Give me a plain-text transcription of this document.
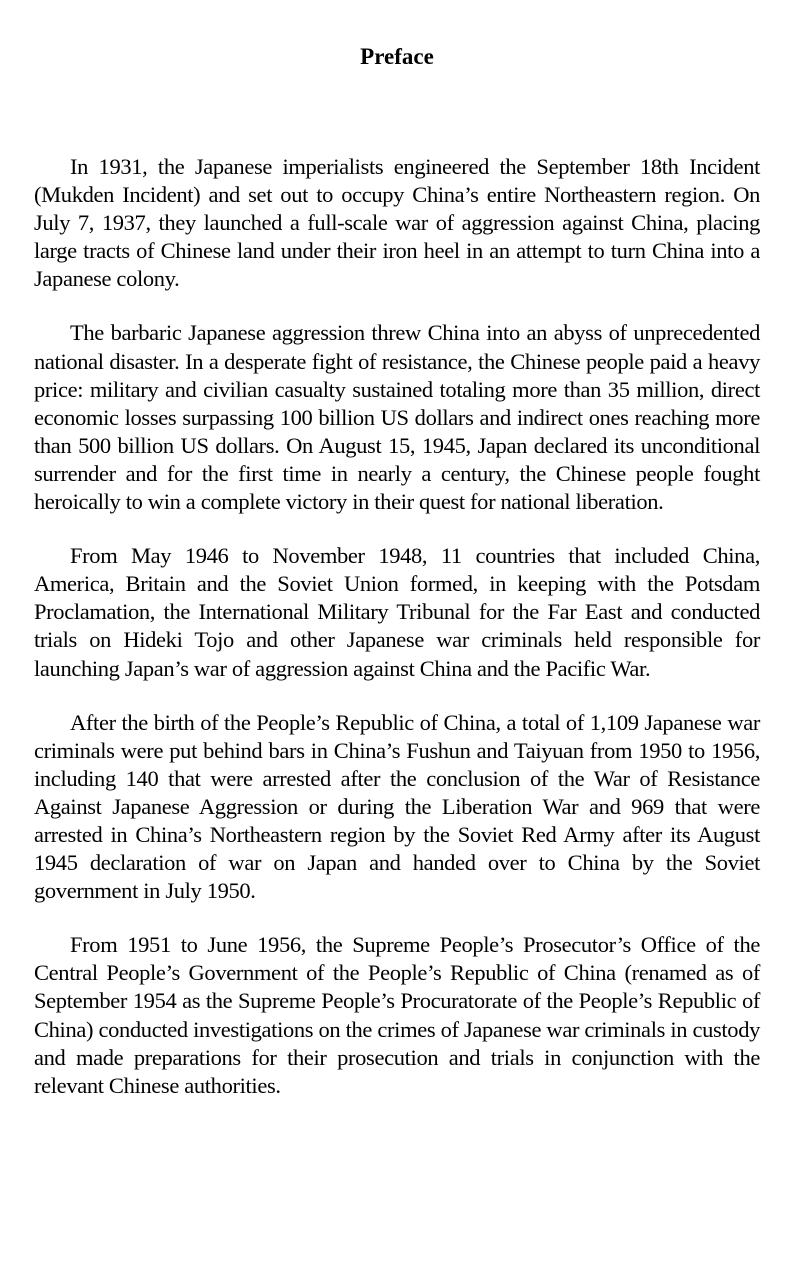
Preface

In 1931, the Japanese imperialists engineered the September 18th Incident (Mukden Incident) and set out to occupy China’s entire Northeastern region. On July 7, 1937, they launched a full-scale war of aggression against China, placing large tracts of Chinese land under their iron heel in an attempt to turn China into a Japanese colony.

The barbaric Japanese aggression threw China into an abyss of unprecedented national disaster. In a desperate fight of resistance, the Chinese people paid a heavy price: military and civilian casualty sustained totaling more than 35 million, direct economic losses surpassing 100 billion US dollars and indirect ones reaching more than 500 billion US dollars. On August 15, 1945, Japan declared its unconditional surrender and for the first time in nearly a century, the Chinese people fought heroically to win a complete victory in their quest for national liberation.

From May 1946 to November 1948, 11 countries that included China, America, Britain and the Soviet Union formed, in keeping with the Potsdam Proclamation, the International Military Tribunal for the Far East and conducted trials on Hideki Tojo and other Japanese war criminals held responsible for launching Japan’s war of aggression against China and the Pacific War.

After the birth of the People’s Republic of China, a total of 1,109 Japanese war criminals were put behind bars in China’s Fushun and Taiyuan from 1950 to 1956, including 140 that were arrested after the conclusion of the War of Resistance Against Japanese Aggression or during the Liberation War and 969 that were arrested in China’s Northeastern region by the Soviet Red Army after its August 1945 declaration of war on Japan and handed over to China by the Soviet government in July 1950.

From 1951 to June 1956, the Supreme People’s Prosecutor’s Office of the Central People’s Government of the People’s Republic of China (renamed as of September 1954 as the Supreme People’s Procuratorate of the People’s Republic of China) conducted investigations on the crimes of Japanese war criminals in custody and made preparations for their prosecution and trials in conjunction with the relevant Chinese authorities.
